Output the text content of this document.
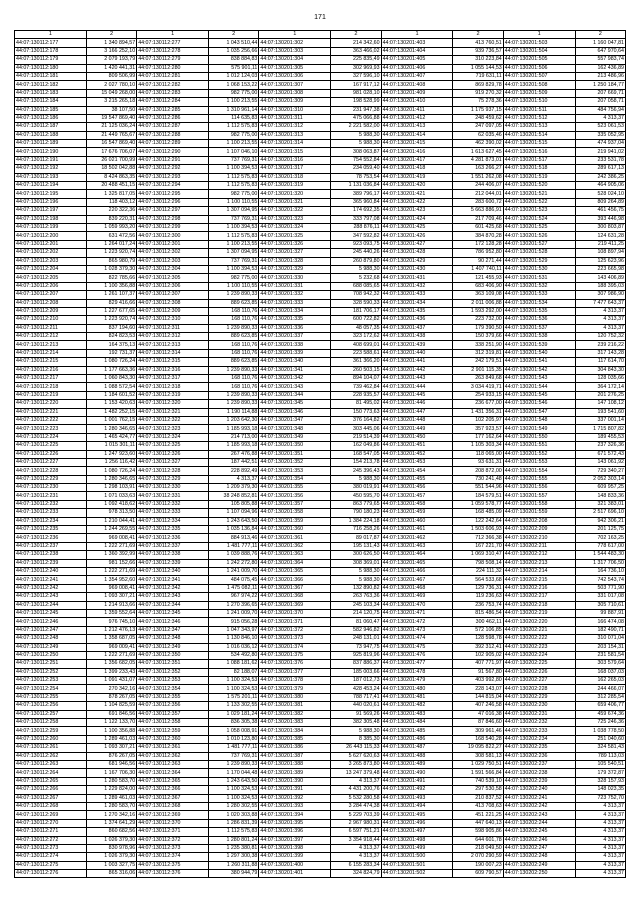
171
1	2	1	2	1	2	1	2	1	2
44:07:130112:177	1 340 894,57	44:07:130112:277	1 043 510,44	44:07:130201:302	214 342,60	44:07:130201:403	413 760,51	44:07:130201:503	1 160 047,81
44:07:130112:178	3 166 252,10	44:07:130112:278	1 035 256,66	44:07:130201:303	363 466,02	44:07:130201:404	939 736,57	44:07:130201:504	647 970,64
44:07:130112:179	2 079 193,79	44:07:130112:279	838 884,83	44:07:130201:304	225 835,49	44:07:130201:405	310 223,84	44:07:130201:505	557 983,74
44:07:130112:180	1 420 441,31	44:07:130112:280	575 901,11	44:07:130201:305	302 969,93	44:07:130201:406	1 055 144,53	44:07:130201:506	162 436,89
44:07:130112:181	809 506,99	44:07:130112:281	1 012 124,03	44:07:130201:306	327 596,10	44:07:130201:407	719 631,11	44:07:130201:507	213 486,96
44:07:130112:182	2 027 780,10	44:07:130112:282	1 068 153,22	44:07:130201:307	167 917,12	44:07:130201:408	869 829,78	44:07:130201:508	1 250 184,77
44:07:130112:183	15 049 268,00	44:07:130112:283	982 775,00	44:07:130201:308	981 028,10	44:07:130201:409	919 270,32	44:07:130201:509	207 669,71
44:07:130112:184	3 215 265,18	44:07:130112:284	1 100 213,55	44:07:130201:309	198 528,99	44:07:130201:410	75 278,36	44:07:130201:510	207 058,71
44:07:130112:185	38 107,50	44:07:130112:285	1 310 961,14	44:07:130201:310	231 947,38	44:07:130201:411	1 175 937,15	44:07:130201:511	484 756,94
44:07:130112:186	19 547 869,40	44:07:130112:286	114 635,83	44:07:130201:311	475 066,88	44:07:130201:412	248 459,62	44:07:130201:512	4 313,37
44:07:130112:187	21 125 036,24	44:07:130112:287	1 112 575,83	44:07:130201:312	2 221 582,00	44:07:130201:413	247 097,05	44:07:130201:513	523 061,53
44:07:130112:188	21 449 765,67	44:07:130112:288	982 775,00	44:07:130201:313	5 988,30	44:07:130201:414	62 035,46	44:07:130201:514	335 052,95
44:07:130112:189	16 547 869,40	44:07:130112:289	1 100 213,55	44:07:130201:314	5 988,30	44:07:130201:415	462 390,02	44:07:130201:515	474 937,04
44:07:130112:190	17 676 706,07	44:07:130112:290	1 107 046,10	44:07:130201:315	308 063,87	44:07:130201:416	1 613 627,45	44:07:130201:516	219 941,02
44:07:130112:191	26 021 700,99	44:07:130112:291	737 769,31	44:07:130201:316	754 552,84	44:07:130201:417	4 281 873,01	44:07:130201:517	233 531,78
44:07:130112:192	18 502 042,88	44:07:130112:292	1 100 394,53	44:07:130201:317	234 059,40	44:07:130201:418	163 266,27	44:07:130201:518	289 617,13
44:07:130112:193	8 424 863,35	44:07:130112:293	1 112 575,83	44:07:130201:318	78 753,54	44:07:130201:419	1 551 262,08	44:07:130201:519	242 386,25
44:07:130112:194	20 488 451,15	44:07:130112:294	1 112 575,83	44:07:130201:319	1 131 036,84	44:07:130201:420	244 406,07	44:07:130201:520	464 905,06
44:07:130112:195	1 325 817,05	44:07:130112:295	982 775,00	44:07:130201:320	389 796,17	44:07:130201:421	212 044,01	44:07:130201:521	528 024,10
44:07:130112:196	118 403,12	44:07:130112:296	1 100 110,55	44:07:130201:321	365 960,84	44:07:130201:422	283 600,72	44:07:130201:522	809 264,89
44:07:130112:197	220 322,36	44:07:130112:297	1 307 094,95	44:07:130201:322	174 692,35	44:07:130201:423	5 663 886,91	44:07:130201:523	461 456,75
44:07:130112:198	839 220,31	44:07:130112:298	737 769,31	44:07:130201:323	333 797,08	44:07:130201:424	217 709,46	44:07:130201:524	393 446,98
44:07:130112:199	1 059 993,20	44:07:130112:299	1 100 394,53	44:07:130201:324	288 876,11	44:07:130201:425	601 425,68	44:07:130201:525	300 803,87
44:07:130112:200	631 472,56	44:07:130112:300	1 112 575,83	44:07:130201:325	347 592,82	44:07:130201:426	384 870,28	44:07:130201:526	124 631,28
44:07:130112:201	1 264 017,24	44:07:130112:301	1 100 213,55	44:07:130201:326	923 093,75	44:07:130201:427	172 128,28	44:07:130201:527	219 411,25
44:07:130112:202	1 223 920,74	44:07:130112:302	1 307 094,95	44:07:130201:327	245 440,26	44:07:130201:428	786 952,80	44:07:130201:528	108 897,94
44:07:130112:203	865 980,79	44:07:130112:303	737 769,31	44:07:130201:328	260 879,80	44:07:130201:429	90 271,44	44:07:130201:529	125 623,96
44:07:130112:204	1 028 379,30	44:07:130112:304	1 100 394,53	44:07:130201:329	5 988,30	44:07:130201:430	1 407 740,11	44:07:130201:530	223 665,98
44:07:130112:205	822 785,66	44:07:130112:305	982 775,00	44:07:130201:330	5 232,68	44:07:130201:431	121 455,93	44:07:130201:531	143 406,89
44:07:130112:206	1 100 356,88	44:07:130112:306	1 100 110,55	44:07:130201:331	688 085,65	44:07:130201:432	683 406,90	44:07:130201:532	188 395,03
44:07:130112:207	1 261 107,37	44:07:130112:307	1 239 890,33	44:07:130201:332	708 942,32	44:07:130201:433	363 109,08	44:07:130201:533	307 986,90
44:07:130112:208	829 416,66	44:07:130112:308	889 623,85	44:07:130201:333	328 590,33	44:07:130201:434	2 011 006,88	44:07:130201:534	7 477 643,37
44:07:130112:209	1 227 677,65	44:07:130112:309	168 110,76	44:07:130201:334	181 706,17	44:07:130201:435	1 593 292,00	44:07:130201:535	4 313,37
44:07:130112:210	1 223 920,74	44:07:130112:310	168 110,76	44:07:130201:335	600 722,82	44:07:130201:436	223 732,00	44:07:130201:536	4 313,37
44:07:130112:211	837 194,60	44:07:130112:311	1 239 890,33	44:07:130201:336	48 057,35	44:07:130201:437	179 390,50	44:07:130201:537	4 313,37
44:07:130112:212	824 823,53	44:07:130112:312	889 623,85	44:07:130201:337	323 172,62	44:07:130201:438	150 379,66	44:07:130201:538	120 752,32
44:07:130112:213	164 375,13	44:07:130112:313	168 110,76	44:07:130201:338	408 699,01	44:07:130201:439	338 251,90	44:07:130201:539	239 216,22
44:07:130112:214	192 731,37	44:07:130112:314	168 110,76	44:07:130201:339	223 588,61	44:07:130201:440	312 319,81	44:07:130201:540	317 143,28
44:07:130112:215	1 080 726,24	44:07:130112:315	889 623,85	44:07:130201:340	361 366,20	44:07:130201:441	242 179,51	44:07:130201:541	117 614,70
44:07:130112:216	1 177 663,36	44:07:130112:316	1 239 890,33	44:07:130201:341	260 503,15	44:07:130201:442	2 901 115,35	44:07:130201:542	304 843,30
44:07:130112:217	1 060 843,30	44:07:130112:317	168 110,76	44:07:130201:342	894 104,07	44:07:130201:443	263 849,68	44:07:130201:543	128 035,66
44:07:130112:218	1 088 572,54	44:07:130112:318	168 110,76	44:07:130201:343	739 462,84	44:07:130201:444	3 034 419,71	44:07:130201:544	364 172,14
44:07:130112:219	1 184 601,52	44:07:130112:319	1 239 890,33	44:07:130201:344	228 935,57	44:07:130201:445	254 933,15	44:07:130201:545	201 276,25
44:07:130112:220	1 153 420,63	44:07:130112:320	1 239 890,33	44:07:130201:345	81 495,02	44:07:130201:446	236 677,00	44:07:130201:546	147 108,12
44:07:130112:221	1 482 252,15	44:07:130112:321	1 190 114,88	44:07:130201:346	150 773,63	44:07:130201:447	1 431 356,31	44:07:130201:547	193 541,60
44:07:130112:222	1 001 762,15	44:07:130112:322	1 203 642,30	44:07:130201:347	376 164,82	44:07:130201:448	102 205,97	44:07:130201:548	337 001,14
44:07:130112:223	1 280 346,65	44:07:130112:323	1 185 993,18	44:07:130201:348	303 445,06	44:07:130201:449	357 923,57	44:07:130201:549	1 715 807,82
44:07:130112:224	1 465 424,77	44:07:130112:324	214 713,00	44:07:130201:349	219 514,39	44:07:130201:450	177 162,64	44:07:130201:550	189 455,53
44:07:130112:225	1 015 301,11	44:07:130112:325	1 185 993,18	44:07:130201:350	162 049,86	44:07:130201:451	1 105 303,34	44:07:130201:551	237 326,36
44:07:130112:226	1 247 923,60	44:07:130112:326	267 476,88	44:07:130201:351	168 547,05	44:07:130201:452	118 065,00	44:07:130201:552	671 572,43
44:07:130112:227	1 256 116,42	44:07:130112:327	187 442,51	44:07:130201:352	154 213,78	44:07:130201:453	93 631,31	44:07:130201:553	143 061,92
44:07:130112:228	1 080 726,24	44:07:130112:328	228 892,49	44:07:130201:353	245 396,43	44:07:130201:454	208 872,00	44:07:130201:554	729 340,27
44:07:130112:229	1 280 346,65	44:07:130112:329	4 313,37	44:07:130201:354	5 988,30	44:07:130201:455	730 241,48	44:07:130201:555	2 052 303,14
44:07:130112:230	1 298 103,91	44:07:130112:330	1 209 379,30	44:07:130201:355	380 019,91	44:07:130201:456	551 544,96	44:07:130201:556	609 957,25
44:07:130112:231	1 071 033,63	44:07:130112:331	38 248 852,81	44:07:130201:356	450 595,70	44:07:130201:457	184 579,51	44:07:130201:557	148 833,36
44:07:130112:232	1 092 418,62	44:07:130112:332	105 805,88	44:07:130201:357	863 779,65	44:07:130201:458	1 059 578,77	44:07:130201:558	321 383,01
44:07:130112:233	978 313,50	44:07:130112:333	1 107 094,96	44:07:130201:358	790 180,23	44:07:130201:459	168 485,09	44:07:130201:559	2 517 696,10
44:07:130112:234	1 210 044,41	44:07:130112:334	1 243 643,50	44:07:130201:359	1 384 224,18	44:07:130201:460	122 242,64	44:07:130202:208	942 306,21
44:07:130112:235	1 244 269,55	44:07:130112:335	1 035 136,84	44:07:130201:360	716 258,26	44:07:130201:461	1 503 606,93	44:07:130202:209	201 125,75
44:07:130112:236	969 008,41	44:07:130112:336	884 913,46	44:07:130201:361	89 017,87	44:07:130201:462	712 366,38	44:07:130202:210	702 163,25
44:07:130112:237	1 222 271,69	44:07:130112:337	1 481 777,11	44:07:130201:362	195 131,43	44:07:130201:463	167 221,70	44:07:130202:211	778 617,00
44:07:130112:238	1 360 392,99	44:07:130112:338	1 039 888,76	44:07:130201:363	300 626,50	44:07:130201:464	1 069 310,47	44:07:130202:212	1 544 483,30
44:07:130112:239	981 152,66	44:07:130112:339	1 242 272,80	44:07:130201:364	308 369,01	44:07:130201:465	798 508,14	44:07:130202:213	1 317 706,50
44:07:130112:240	1 222 271,69	44:07:130112:340	1 241 009,70	44:07:130201:365	5 988,30	44:07:130201:466	224 111,32	44:07:130202:214	164 736,10
44:07:130112:241	1 354 952,60	44:07:130112:341	484 075,45	44:07:130201:366	5 988,30	44:07:130201:467	564 533,68	44:07:130202:215	742 543,74
44:07:130112:242	969 008,41	44:07:130112:342	1 475 082,11	44:07:130201:367	132 890,82	44:07:130201:468	129 736,31	44:07:130202:216	503 771,90
44:07:130112:243	1 093 307,21	44:07:130112:343	967 974,22	44:07:130201:368	263 763,36	44:07:130201:469	119 236,63	44:07:130202:217	331 017,08
44:07:130112:244	1 214 913,66	44:07:130112:344	1 270 396,65	44:07:130201:369	245 103,34	44:07:130201:470	236 753,74	44:07:130202:218	305 710,61
44:07:130112:245	1 359 552,64	44:07:130112:345	1 241 009,70	44:07:130201:370	214 120,75	44:07:130201:471	815 486,54	44:07:130202:219	99 887,91
44:07:130112:246	976 745,10	44:07:130112:346	915 056,28	44:07:130201:371	81 060,47	44:07:130201:472	300 462,11	44:07:130202:220	166 474,08
44:07:130112:247	1 212 476,13	44:07:130112:347	1 047 343,97	44:07:130201:372	582 946,82	44:07:130201:473	572 106,85	44:07:130202:221	182 490,71
44:07:130112:248	1 358 687,05	44:07:130112:348	1 130 846,10	44:07:130201:373	248 131,01	44:07:130201:474	128 598,78	44:07:130202:222	310 071,04
44:07:130112:249	969 009,41	44:07:130112:349	1 016 036,12	44:07:130201:374	73 947,75	44:07:130201:475	392 312,41	44:07:130202:223	203 154,31
44:07:130112:250	1 222 271,69	44:07:130112:350	534 492,80	44:07:130201:375	925 819,96	44:07:130201:476	102 905,02	44:07:130202:224	231 581,54
44:07:130112:251	1 356 682,05	44:07:130112:351	1 088 181,62	44:07:130201:376	837 886,37	44:07:130201:477	407 771,97	44:07:130202:225	303 579,64
44:07:130112:252	1 399 233,43	44:07:130112:352	82 188,07	44:07:130201:377	185 003,66	44:07:130201:478	91 567,80	44:07:130202:226	168 037,03
44:07:130112:253	1 091 431,07	44:07:130112:353	1 100 324,53	44:07:130201:378	187 012,73	44:07:130201:479	403 992,80	44:07:130202:227	162 265,03
44:07:130112:254	270 342,16	44:07:130112:354	1 100 324,53	44:07:130201:379	428 453,24	44:07:130201:480	228 143,07	44:07:130202:228	244 466,07
44:07:130112:255	878 267,05	44:07:130112:355	1 575 201,11	44:07:130201:380	788 717,41	44:07:130201:481	144 815,04	44:07:130202:229	312 285,54
44:07:130112:256	1 104 825,59	44:07:130112:356	1 133 302,55	44:07:130201:381	440 020,61	44:07:130201:482	407 246,58	44:07:130202:230	659 406,77
44:07:130112:257	691 846,56	44:07:130112:357	1 029 181,24	44:07:130201:382	91 569,26	44:07:130201:483	47 016,38	44:07:130202:231	459 674,36
44:07:130112:258	1 122 133,70	44:07:130112:358	836 305,38	44:07:130201:383	382 305,48	44:07:130201:484	87 846,60	44:07:130202:232	725 246,36
44:07:130112:259	1 100 356,88	44:07:130112:359	1 058 008,91	44:07:130201:384	5 988,30	44:07:130201:485	309 961,46	44:07:130202:233	1 038 778,50
44:07:130112:260	1 289 461,03	44:07:130112:360	1 010 123,80	44:07:130201:385	8 385,30	44:07:130201:486	168 540,28	44:07:130202:234	251 040,60
44:07:130112:261	1 093 307,21	44:07:130112:361	1 481 777,11	44:07:130201:386	26 443 115,33	44:07:130201:487	19 095 822,27	44:07:130202:235	324 581,43
44:07:130112:262	876 267,05	44:07:130112:362	737 769,31	44:07:130201:387	5 627 620,63	44:07:130201:488	308 581,13	44:07:130202:236	789 113,03
44:07:130112:263	681 946,56	44:07:130112:363	1 239 890,33	44:07:130201:388	3 265 873,80	44:07:130201:489	1 029 750,51	44:07:130202:237	105 540,51
44:07:130112:264	1 167 706,30	44:07:130112:364	1 170 044,48	44:07:130201:389	13 247 379,48	44:07:130201:490	1 591 566,84	44:07:130202:238	179 372,87
44:07:130112:265	1 280 583,70	44:07:130112:365	1 243 643,50	44:07:130201:390	4 313,37	44:07:130201:491	740 539,10	44:07:130202:239	328 157,93
44:07:130112:266	1 229 824,00	44:07:130112:366	1 100 324,53	44:07:130201:391	4 431 200,76	44:07:130201:492	297 530,58	44:07:130202:240	148 023,35
44:07:130112:267	1 289 461,03	44:07:130112:367	1 100 324,53	44:07:130201:392	5 532 280,58	44:07:130201:493	210 837,52	44:07:130202:241	723 752,70
44:07:130112:268	1 280 583,70	44:07:130112:368	1 280 302,55	44:07:130201:393	3 284 474,38	44:07:130201:494	413 708,63	44:07:130202:242	4 313,37
44:07:130112:269	1 270 342,16	44:07:130112:369	1 020 303,88	44:07:130201:394	5 229 703,39	44:07:130201:495	451 221,25	44:07:130202:243	4 313,37
44:07:130112:270	1 374 641,29	44:07:130112:370	1 286 831,39	44:07:130201:395	2 967 980,31	44:07:130201:496	447 640,13	44:07:130202:244	4 313,37
44:07:130112:271	860 682,56	44:07:130112:371	1 112 575,83	44:07:130201:396	6 597 751,21	44:07:130201:497	598 905,86	44:07:130202:245	4 313,37
44:07:130112:272	1 026 379,30	44:07:130112:372	1 280 801,24	44:07:130201:397	3 354 918,44	44:07:130201:498	644 601,78	44:07:130202:246	4 313,37
44:07:130112:273	830 978,96	44:07:130112:373	1 235 380,81	44:07:130201:398	4 313,37	44:07:130201:499	218 049,50	44:07:130202:247	4 313,37
44:07:130112:274	1 026 379,30	44:07:130112:374	1 297 300,38	44:07:130201:399	4 313,37	44:07:130201:500	2 070 290,59	44:07:130202:248	4 313,37
44:07:130112:275	1 003 327,75	44:07:130112:375	1 260 311,88	44:07:130201:400	6 155 283,34	44:07:130201:501	190 007,23	44:07:130202:249	4 313,37
44:07:130112:276	865 316,06	44:07:130112:376	380 944,79	44:07:130201:401	324 824,79	44:07:130201:502	609 790,57	44:07:130202:250	4 313,37
